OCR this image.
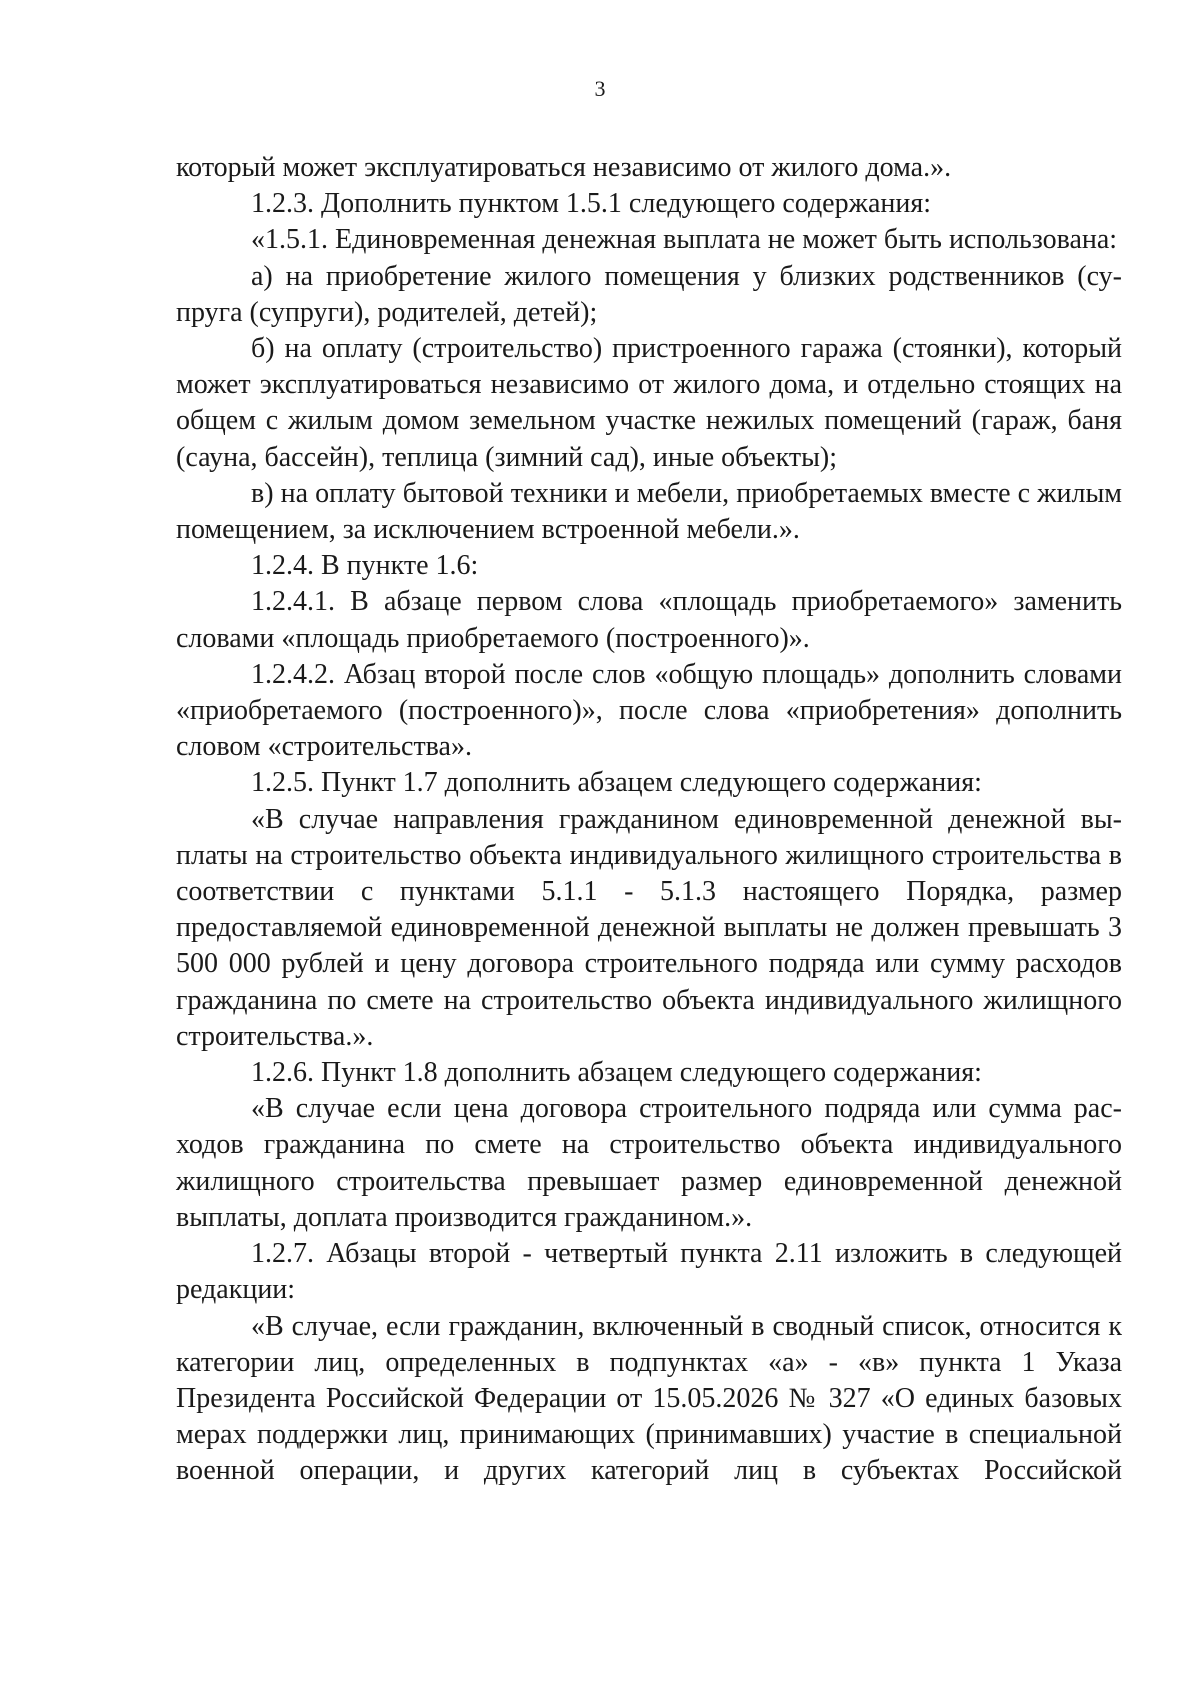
3

который может эксплуатироваться независимо от жилого дома.».

1.2.3. Дополнить пунктом 1.5.1 следующего содержания:

«1.5.1. Единовременная денежная выплата не может быть использована:

а) на приобретение жилого помещения у близких родственников (супруга (супруги), родителей, детей);

б) на оплату (строительство) пристроенного гаража (стоянки), который может эксплуатироваться независимо от жилого дома, и отдельно стоящих на общем с жилым домом земельном участке нежилых помещений (гараж, баня (сауна, бассейн), теплица (зимний сад), иные объекты);

в) на оплату бытовой техники и мебели, приобретаемых вместе с жилым помещением, за исключением встроенной мебели.».

1.2.4. В пункте 1.6:

1.2.4.1. В абзаце первом слова «площадь приобретаемого» заменить словами «площадь приобретаемого (построенного)».

1.2.4.2. Абзац второй после слов «общую площадь» дополнить словами «приобретаемого (построенного)», после слова «приобретения» дополнить словом «строительства».

1.2.5. Пункт 1.7 дополнить абзацем следующего содержания:

«В случае направления гражданином единовременной денежной выплаты на строительство объекта индивидуального жилищного строительства в соответствии с пунктами 5.1.1 - 5.1.3 настоящего Порядка, размер предоставляемой единовременной денежной выплаты не должен превышать 3 500 000 рублей и цену договора строительного подряда или сумму расходов гражданина по смете на строительство объекта индивидуального жилищного строительства.».

1.2.6. Пункт 1.8 дополнить абзацем следующего содержания:

«В случае если цена договора строительного подряда или сумма расходов гражданина по смете на строительство объекта индивидуального жилищного строительства превышает размер единовременной денежной выплаты, доплата производится гражданином.».

1.2.7. Абзацы второй - четвертый пункта 2.11 изложить в следующей редакции:

«В случае, если гражданин, включенный в сводный список, относится к категории лиц, определенных в подпунктах «а» - «в» пункта 1 Указа Президента Российской Федерации от 15.05.2026 № 327 «О единых базовых мерах поддержки лиц, принимающих (принимавших) участие в специальной военной операции, и других категорий лиц в субъектах Российской
